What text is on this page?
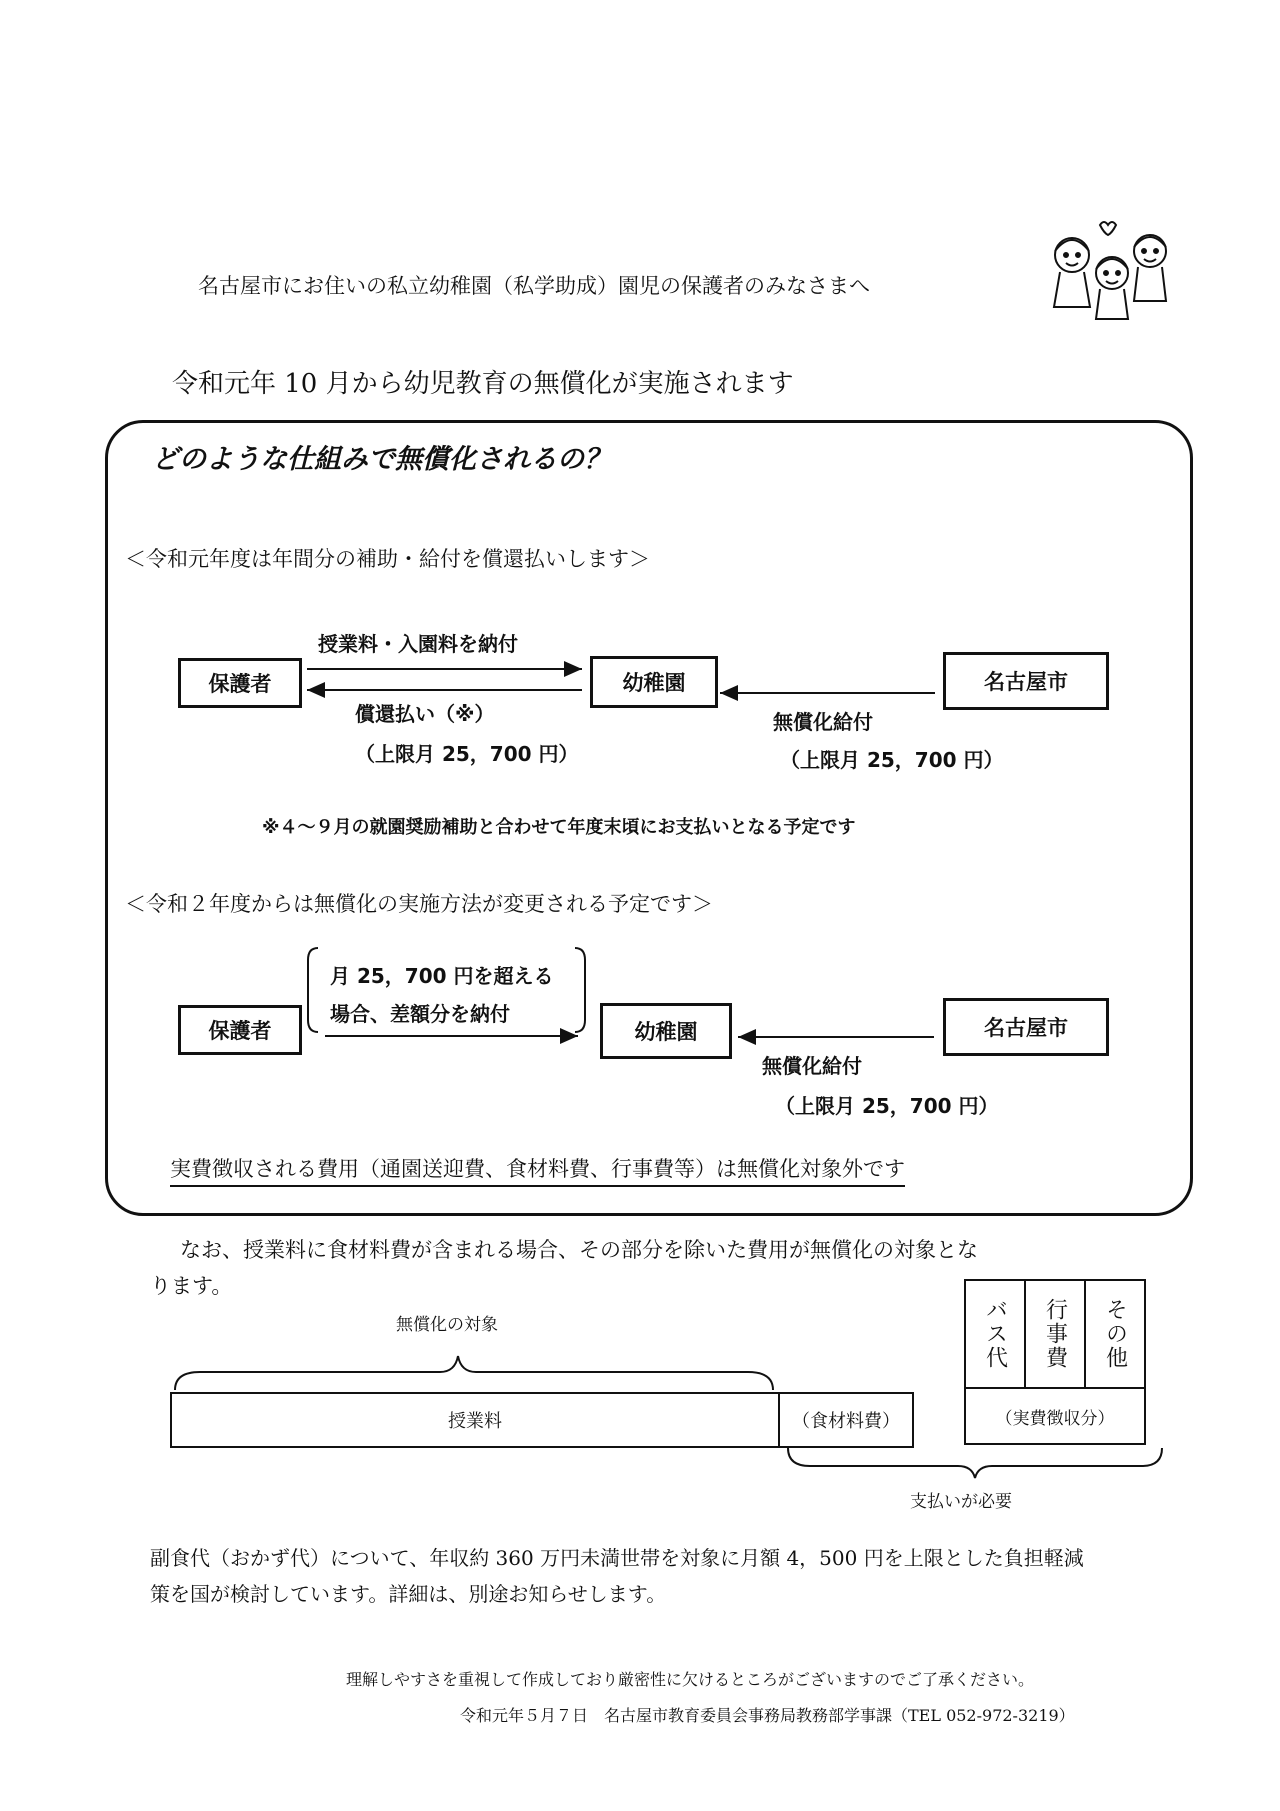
名古屋市にお住いの私立幼稚園（私学助成）園児の保護者のみなさまへ
令和元年 10 月から幼児教育の無償化が実施されます
どのような仕組みで無償化されるの？
＜令和元年度は年間分の補助・給付を償還払いします＞
保護者	幼稚園	名古屋市
授業料・入園料を納付
償還払い（※）
（上限月 25，700 円）
無償化給付
（上限月 25，700 円）
※４～９月の就園奨励補助と合わせて年度末頃にお支払いとなる予定です
＜令和２年度からは無償化の実施方法が変更される予定です＞
保護者	幼稚園	名古屋市
月 25，700 円を超える
場合、差額分を納付
無償化給付
（上限月 25，700 円）
実費徴収される費用（通園送迎費、食材料費、行事費等）は無償化対象外です
なお、授業料に食材料費が含まれる場合、その部分を除いた費用が無償化の対象とな
ります。
無償化の対象
授業料	（食材料費）
バス代	行事費	その他
（実費徴収分）
支払いが必要
副食代（おかず代）について、年収約 360 万円未満世帯を対象に月額 4，500 円を上限とした負担軽減
策を国が検討しています。詳細は、別途お知らせします。
理解しやすさを重視して作成しており厳密性に欠けるところがございますのでご了承ください。
令和元年５月７日　名古屋市教育委員会事務局教務部学事課（TEL 052-972-3219）
